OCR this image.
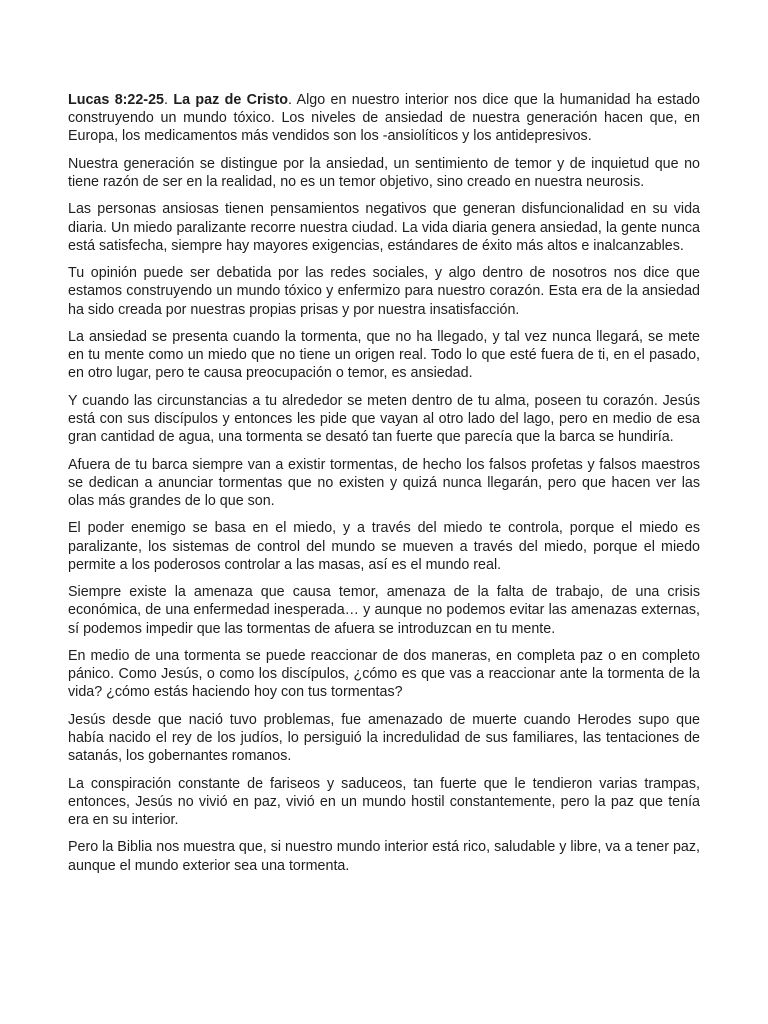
Lucas 8:22-25. La paz de Cristo. Algo en nuestro interior nos dice que la humanidad ha estado construyendo un mundo tóxico. Los niveles de ansiedad de nuestra generación hacen que, en Europa, los medicamentos más vendidos son los -ansiolíticos y los antidepresivos.

Nuestra generación se distingue por la ansiedad, un sentimiento de temor y de inquietud que no tiene razón de ser en la realidad, no es un temor objetivo, sino creado en nuestra neurosis.

Las personas ansiosas tienen pensamientos negativos que generan disfuncionalidad en su vida diaria. Un miedo paralizante recorre nuestra ciudad. La vida diaria genera ansiedad, la gente nunca está satisfecha, siempre hay mayores exigencias, estándares de éxito más altos e inalcanzables.

Tu opinión puede ser debatida por las redes sociales, y algo dentro de nosotros nos dice que estamos construyendo un mundo tóxico y enfermizo para nuestro corazón. Esta era de la ansiedad ha sido creada por nuestras propias prisas y por nuestra insatisfacción.

La ansiedad se presenta cuando la tormenta, que no ha llegado, y tal vez nunca llegará, se mete en tu mente como un miedo que no tiene un origen real. Todo lo que esté fuera de ti, en el pasado, en otro lugar, pero te causa preocupación o temor, es ansiedad.

Y cuando las circunstancias a tu alrededor se meten dentro de tu alma, poseen tu corazón. Jesús está con sus discípulos y entonces les pide que vayan al otro lado del lago, pero en medio de esa gran cantidad de agua, una tormenta se desató tan fuerte que parecía que la barca se hundiría.

Afuera de tu barca siempre van a existir tormentas, de hecho los falsos profetas y falsos maestros se dedican a anunciar tormentas que no existen y quizá nunca llegarán, pero que hacen ver las olas más grandes de lo que son.

El poder enemigo se basa en el miedo, y a través del miedo te controla, porque el miedo es paralizante, los sistemas de control del mundo se mueven a través del miedo, porque el miedo permite a los poderosos controlar a las masas, así es el mundo real.

Siempre existe la amenaza que causa temor, amenaza de la falta de trabajo, de una crisis económica, de una enfermedad inesperada… y aunque no podemos evitar las amenazas externas, sí podemos impedir que las tormentas de afuera se introduzcan en tu mente.

En medio de una tormenta se puede reaccionar de dos maneras, en completa paz o en completo pánico. Como Jesús, o como los discípulos, ¿cómo es que vas a reaccionar ante la tormenta de la vida? ¿cómo estás haciendo hoy con tus tormentas?

Jesús desde que nació tuvo problemas, fue amenazado de muerte cuando Herodes supo que había nacido el rey de los judíos, lo persiguió la incredulidad de sus familiares, las tentaciones de satanás, los gobernantes romanos.

La conspiración constante de fariseos y saduceos, tan fuerte que le tendieron varias trampas, entonces, Jesús no vivió en paz, vivió en un mundo hostil constantemente, pero la paz que tenía era en su interior.

Pero la Biblia nos muestra que, si nuestro mundo interior está rico, saludable y libre, va a tener paz, aunque el mundo exterior sea una tormenta.
